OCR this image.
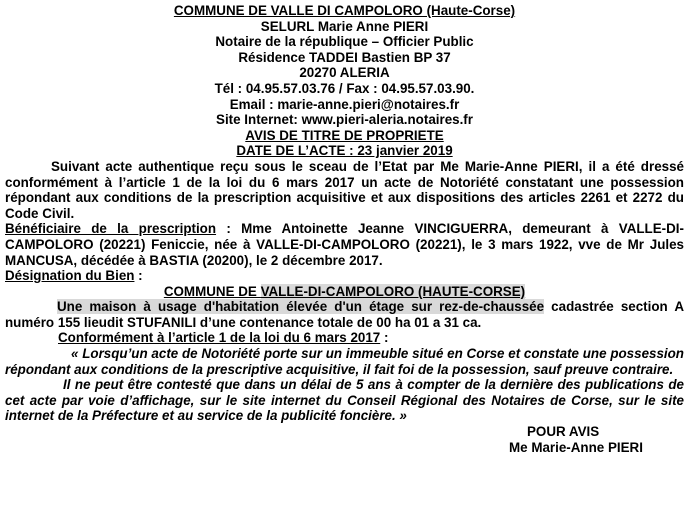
COMMUNE DE VALLE DI CAMPOLORO (Haute-Corse)
SELURL Marie Anne PIERI
Notaire de la république – Officier Public
Résidence TADDEI Bastien BP 37
20270 ALERIA
Tél : 04.95.57.03.76 / Fax : 04.95.57.03.90.
Email : marie-anne.pieri@notaires.fr
Site Internet: www.pieri-aleria.notaires.fr
AVIS DE TITRE DE PROPRIETE
DATE DE L’ACTE : 23 janvier 2019

Suivant acte authentique reçu sous le sceau de l’Etat par Me Marie-Anne PIERI, il a été dressé conformément à l’article 1 de la loi du 6 mars 2017 un acte de Notoriété constatant une possession répondant aux conditions de la prescription acquisitive et aux dispositions des articles 2261 et 2272 du Code Civil.

Bénéficiaire de la prescription : Mme Antoinette Jeanne VINCIGUERRA, demeurant à VALLE-DI-CAMPOLORO (20221) Feniccie, née à VALLE-DI-CAMPOLORO (20221), le 3 mars 1922, vve de Mr Jules MANCUSA, décédée à BASTIA (20200), le 2 décembre 2017.

Désignation du Bien :
COMMUNE DE VALLE-DI-CAMPOLORO (HAUTE-CORSE)

Une maison à usage d'habitation élevée d'un étage sur rez-de-chaussée cadastrée section A numéro 155 lieudit STUFANILI d’une contenance totale de 00 ha 01 a 31 ca.

Conformément à l’article 1 de la loi du 6 mars 2017 :

« Lorsqu’un acte de Notoriété porte sur un immeuble situé en Corse et constate une possession répondant aux conditions de la prescriptive acquisitive, il fait foi de la possession, sauf preuve contraire.

Il ne peut être contesté que dans un délai de 5 ans à compter de la dernière des publications de cet acte par voie d’affichage, sur le site internet du Conseil Régional des Notaires de Corse, sur le site internet de la Préfecture et au service de la publicité foncière. »

POUR AVIS
Me Marie-Anne PIERI
